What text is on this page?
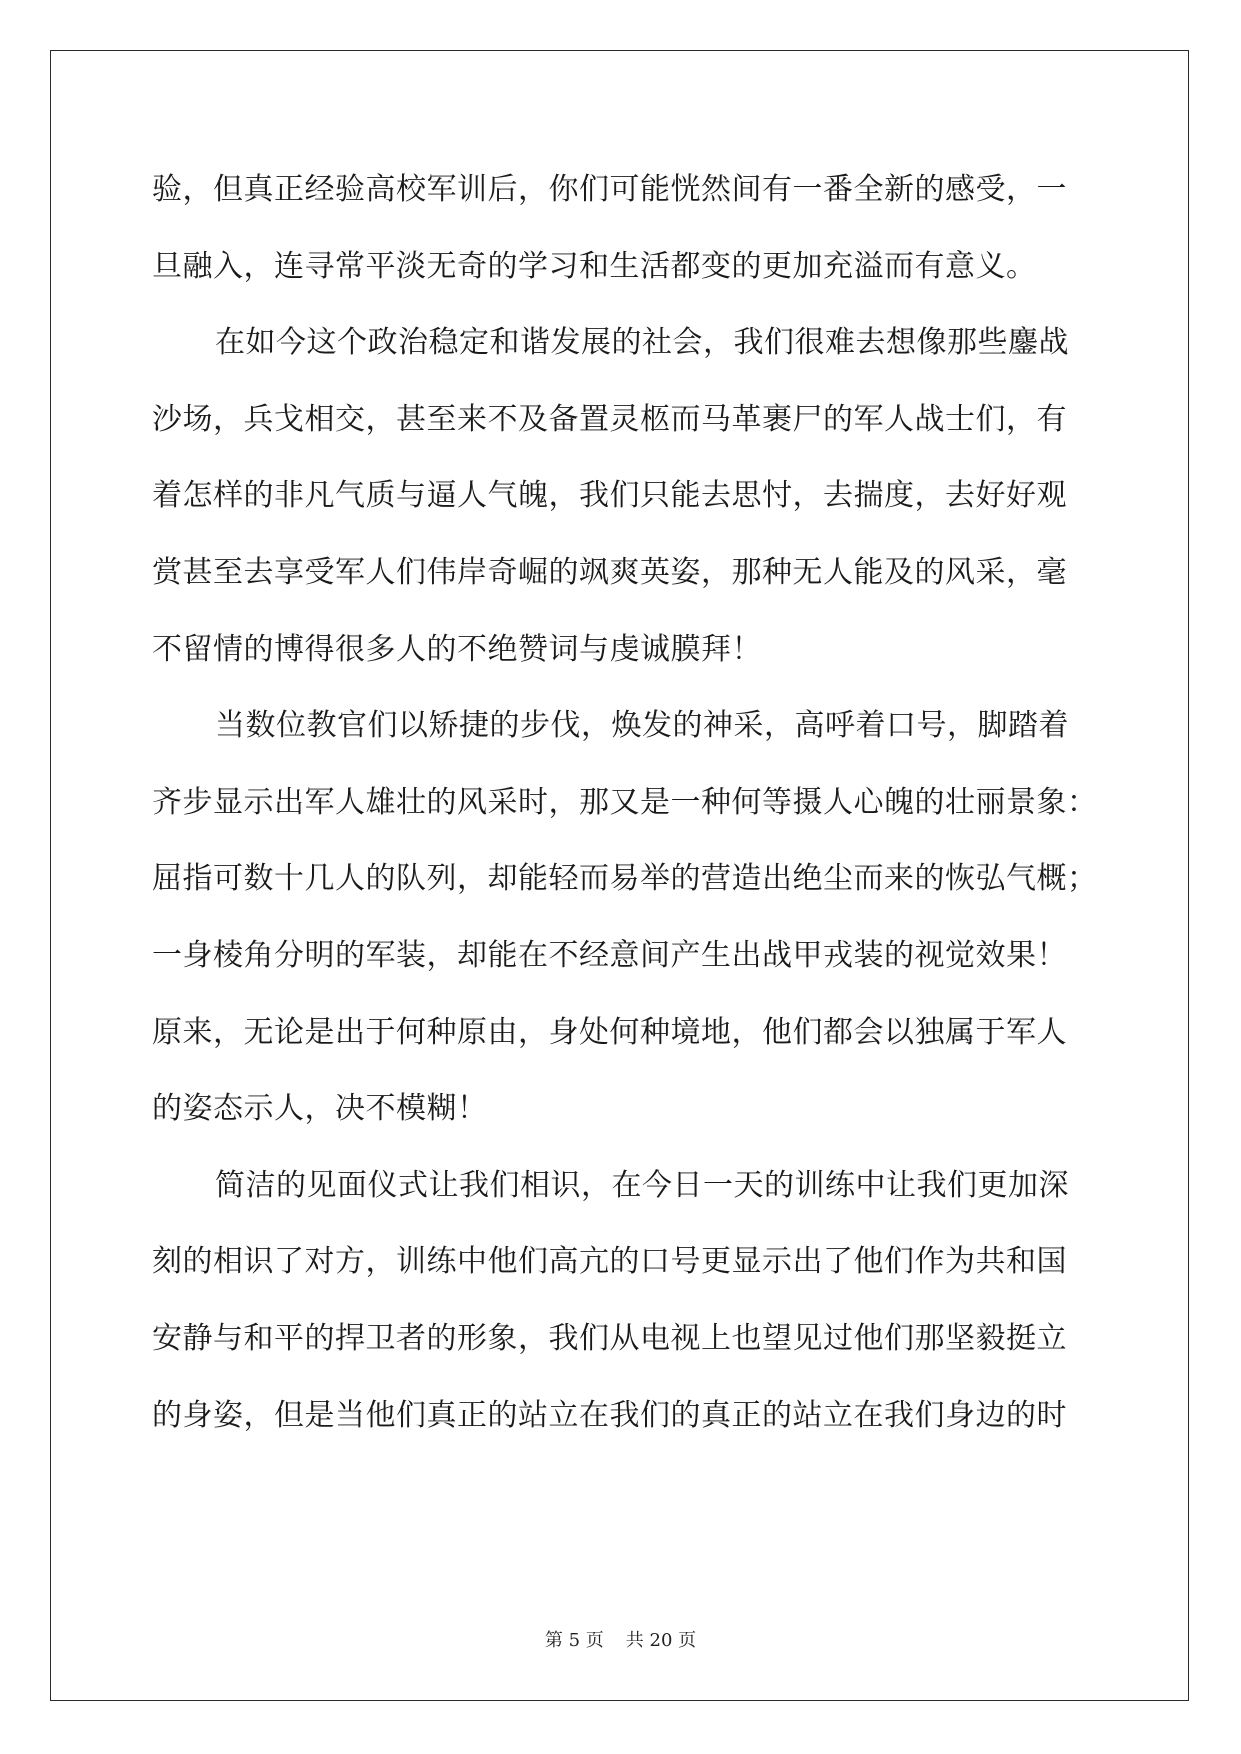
验，但真正经验高校军训后，你们可能恍然间有一番全新的感受，一
旦融入，连寻常平淡无奇的学习和生活都变的更加充溢而有意义。
在如今这个政治稳定和谐发展的社会，我们很难去想像那些鏖战
沙场，兵戈相交，甚至来不及备置灵柩而马革裹尸的军人战士们，有
着怎样的非凡气质与逼人气魄，我们只能去思忖，去揣度，去好好观
赏甚至去享受军人们伟岸奇崛的飒爽英姿，那种无人能及的风采，毫
不留情的博得很多人的不绝赞词与虔诚膜拜！
当数位教官们以矫捷的步伐，焕发的神采，高呼着口号，脚踏着
齐步显示出军人雄壮的风采时，那又是一种何等摄人心魄的壮丽景象：
屈指可数十几人的队列，却能轻而易举的营造出绝尘而来的恢弘气概；
一身棱角分明的军装，却能在不经意间产生出战甲戎装的视觉效果！
原来，无论是出于何种原由，身处何种境地，他们都会以独属于军人
的姿态示人，决不模糊！
简洁的见面仪式让我们相识，在今日一天的训练中让我们更加深
刻的相识了对方，训练中他们高亢的口号更显示出了他们作为共和国
安静与和平的捍卫者的形象，我们从电视上也望见过他们那坚毅挺立
的身姿，但是当他们真正的站立在我们的真正的站立在我们身边的时
第 5 页 共 20 页
